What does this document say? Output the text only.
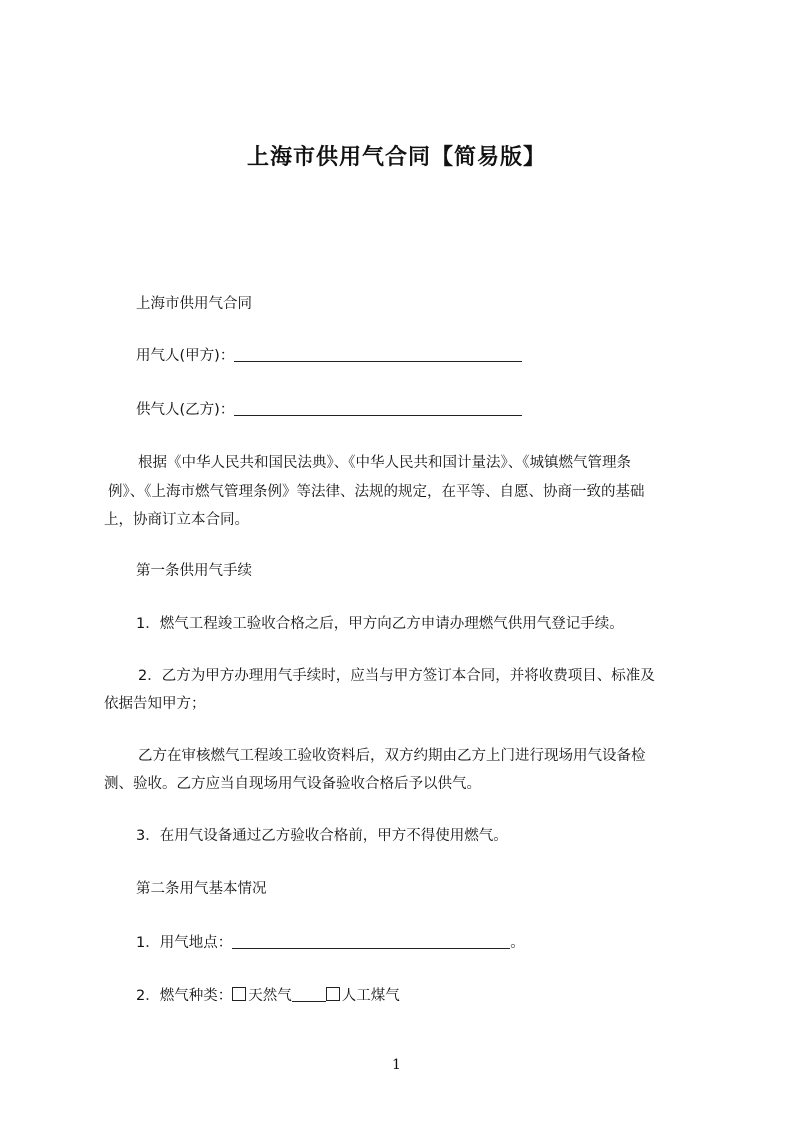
上海市供用气合同【简易版】
上海市供用气合同
用气人(甲方)：
供气人(乙方)：
根据《中华人民共和国民法典》、《中华人民共和国计量法》、《城镇燃气管理条
例》、《上海市燃气管理条例》等法律、法规的规定，在平等、自愿、协商一致的基础
上，协商订立本合同。
第一条供用气手续
1．燃气工程竣工验收合格之后，甲方向乙方申请办理燃气供用气登记手续。
2．乙方为甲方办理用气手续时，应当与甲方签订本合同，并将收费项目、标准及
依据告知甲方；
乙方在审核燃气工程竣工验收资料后，双方约期由乙方上门进行现场用气设备检
测、验收。乙方应当自现场用气设备验收合格后予以供气。
3．在用气设备通过乙方验收合格前，甲方不得使用燃气。
第二条用气基本情况
1．用气地点：	。
2．燃气种类： 天然气	人工煤气
1
